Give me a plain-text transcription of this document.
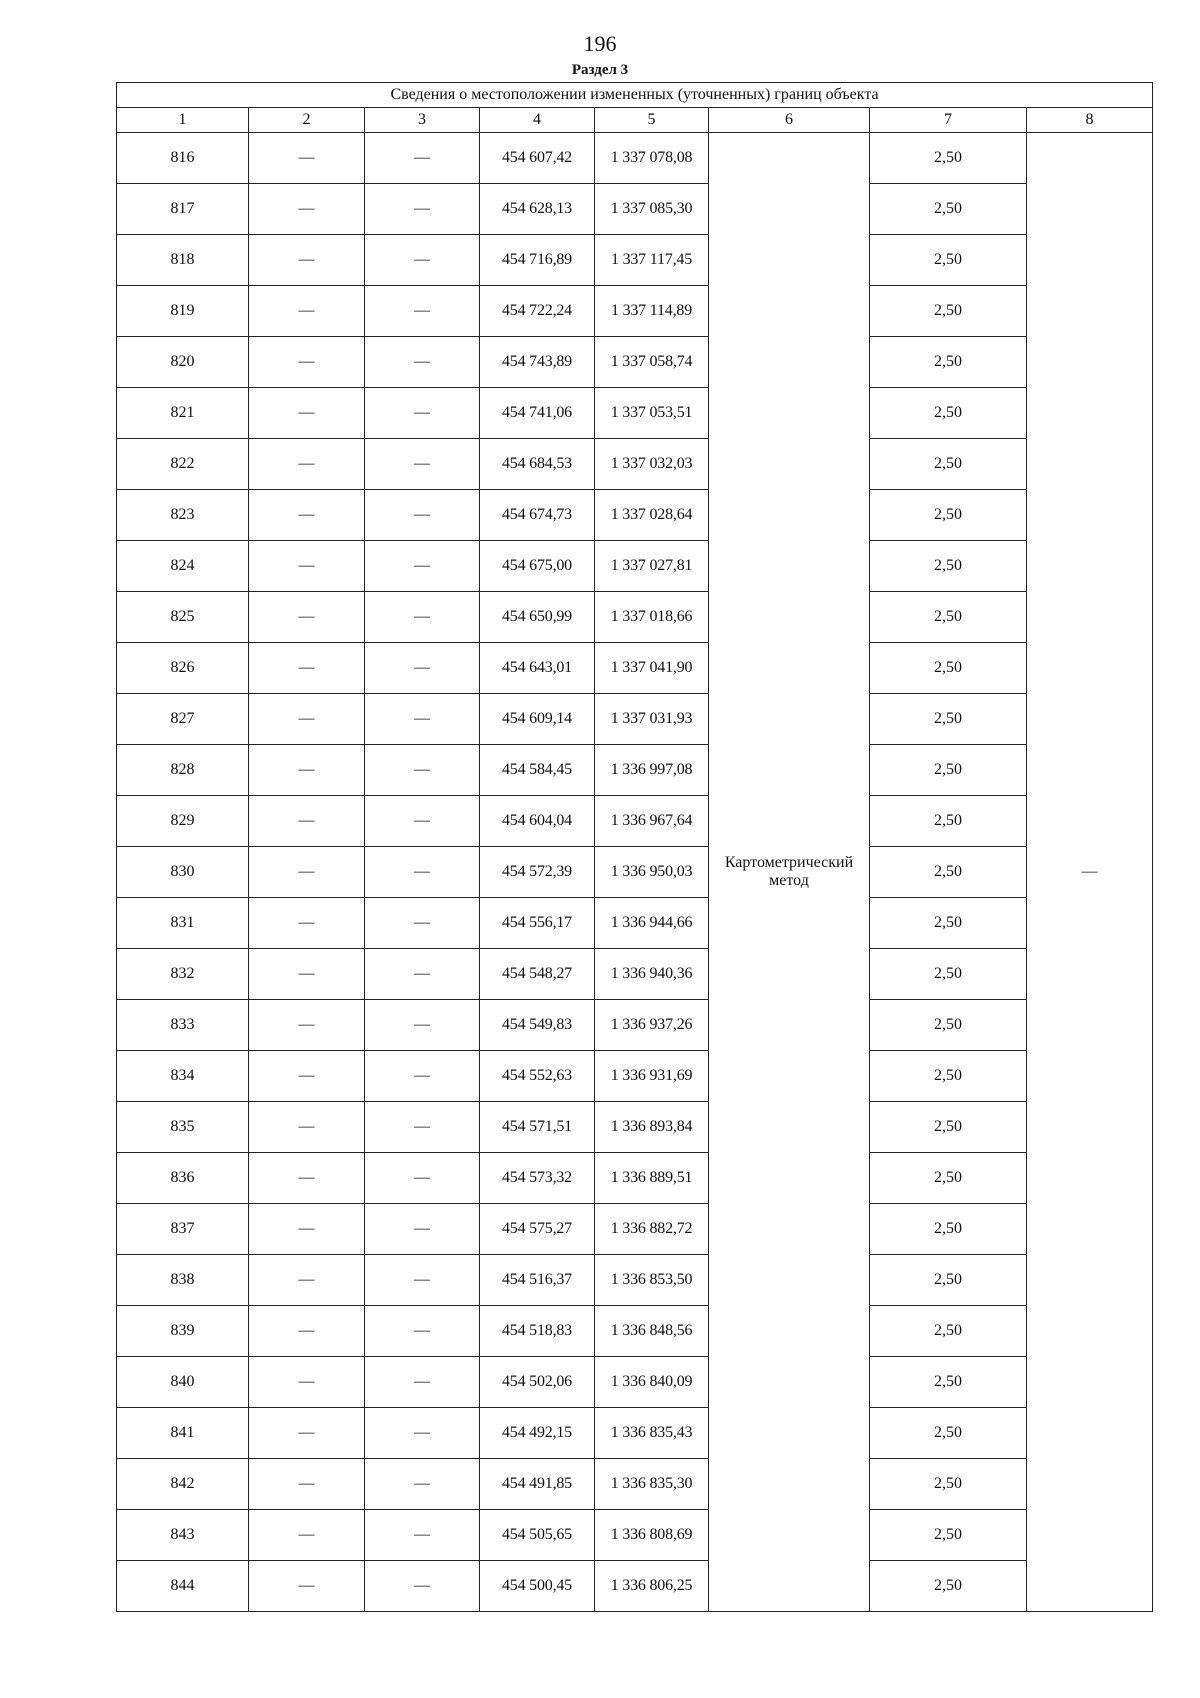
196
Раздел 3
Сведения о местоположении измененных (уточненных) границ объекта							
1	2	3	4	5	6	7	8
816	—	—	454 607,42	1 337 078,08	Картометрический метод	2,50	—
817	—	—	454 628,13	1 337 085,30		2,50	
818	—	—	454 716,89	1 337 117,45		2,50	
819	—	—	454 722,24	1 337 114,89		2,50	
820	—	—	454 743,89	1 337 058,74		2,50	
821	—	—	454 741,06	1 337 053,51		2,50	
822	—	—	454 684,53	1 337 032,03		2,50	
823	—	—	454 674,73	1 337 028,64		2,50	
824	—	—	454 675,00	1 337 027,81		2,50	
825	—	—	454 650,99	1 337 018,66		2,50	
826	—	—	454 643,01	1 337 041,90		2,50	
827	—	—	454 609,14	1 337 031,93		2,50	
828	—	—	454 584,45	1 336 997,08		2,50	
829	—	—	454 604,04	1 336 967,64		2,50	
830	—	—	454 572,39	1 336 950,03		2,50	
831	—	—	454 556,17	1 336 944,66		2,50	
832	—	—	454 548,27	1 336 940,36		2,50	
833	—	—	454 549,83	1 336 937,26		2,50	
834	—	—	454 552,63	1 336 931,69		2,50	
835	—	—	454 571,51	1 336 893,84		2,50	
836	—	—	454 573,32	1 336 889,51		2,50	
837	—	—	454 575,27	1 336 882,72		2,50	
838	—	—	454 516,37	1 336 853,50		2,50	
839	—	—	454 518,83	1 336 848,56		2,50	
840	—	—	454 502,06	1 336 840,09		2,50	
841	—	—	454 492,15	1 336 835,43		2,50	
842	—	—	454 491,85	1 336 835,30		2,50	
843	—	—	454 505,65	1 336 808,69		2,50	
844	—	—	454 500,45	1 336 806,25		2,50	
